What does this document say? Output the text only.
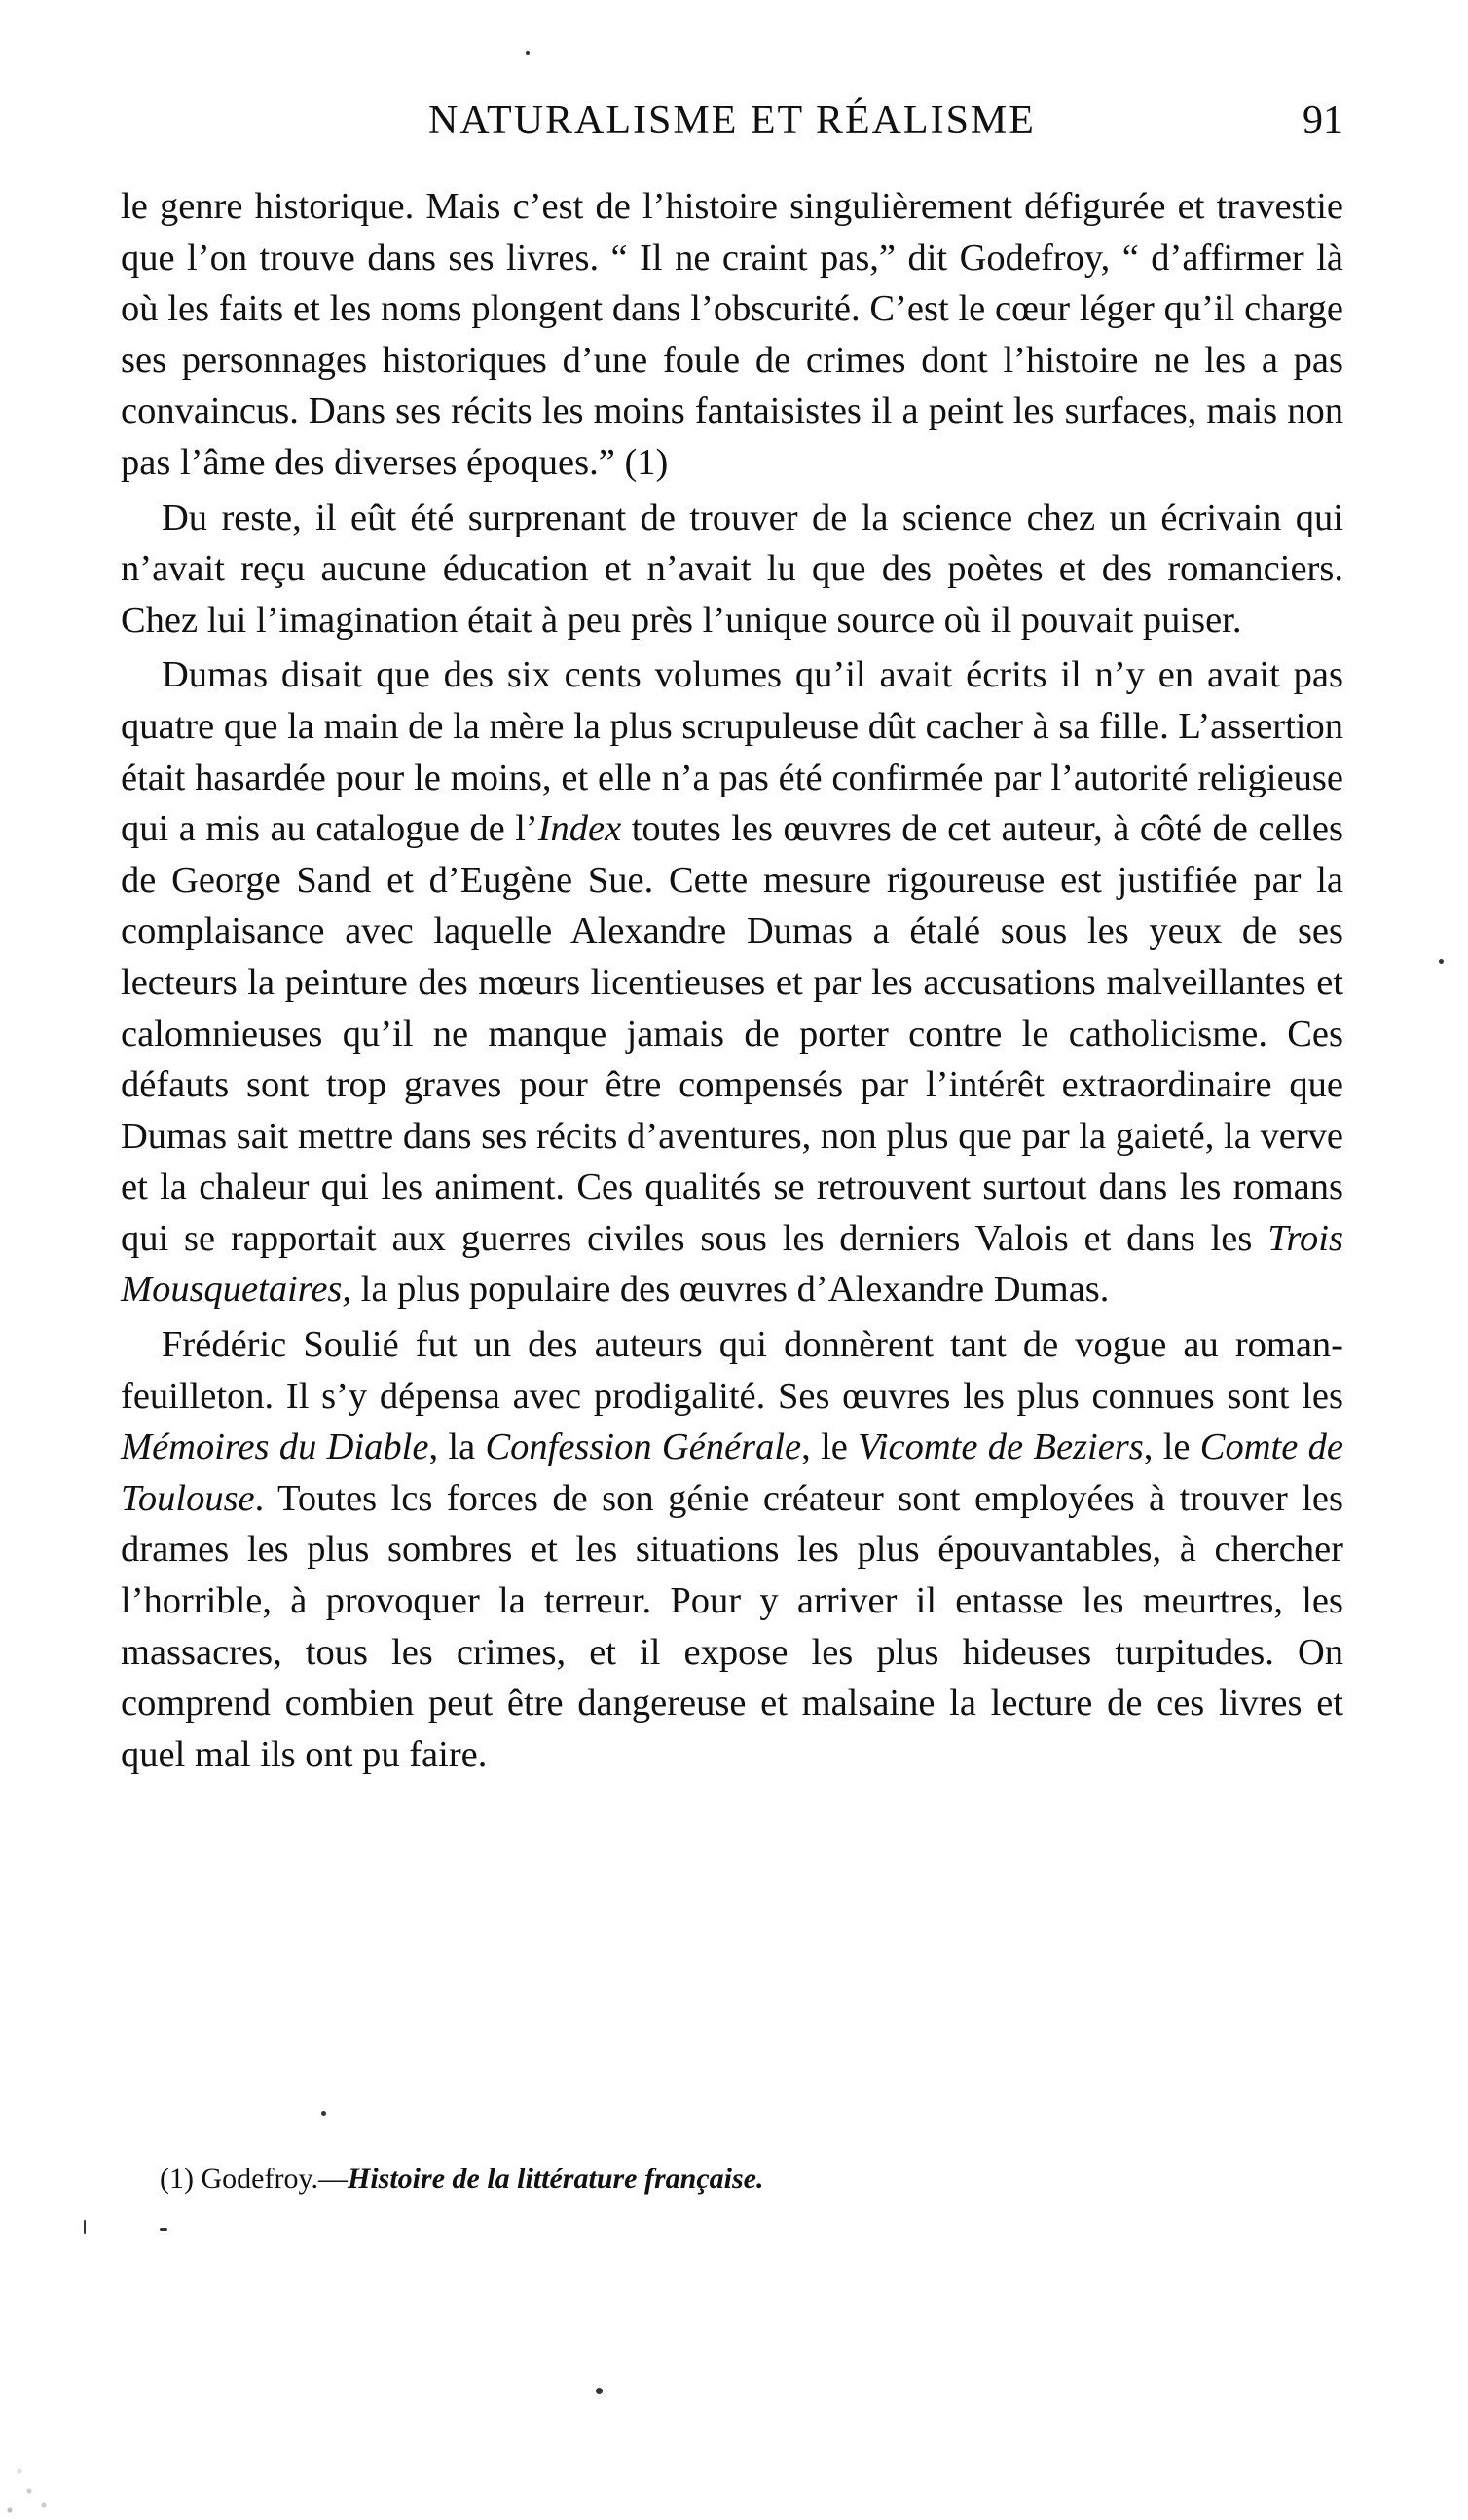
NATURALISME ET RÉALISME	91

le genre historique. Mais c’est de l’histoire singulièrement défigurée et travestie que l’on trouve dans ses livres. “ Il ne craint pas,” dit Godefroy, “ d’affirmer là où les faits et les noms plongent dans l’obscurité. C’est le cœur léger qu’il charge ses personnages historiques d’une foule de crimes dont l’histoire ne les a pas convaincus. Dans ses récits les moins fantaisistes il a peint les surfaces, mais non pas l’âme des diverses époques.” (1)

Du reste, il eût été surprenant de trouver de la science chez un écrivain qui n’avait reçu aucune éducation et n’avait lu que des poètes et des romanciers. Chez lui l’imagination était à peu près l’unique source où il pouvait puiser.

Dumas disait que des six cents volumes qu’il avait écrits il n’y en avait pas quatre que la main de la mère la plus scrupuleuse dût cacher à sa fille. L’assertion était hasardée pour le moins, et elle n’a pas été confirmée par l’autorité religieuse qui a mis au catalogue de l’Index toutes les œuvres de cet auteur, à côté de celles de George Sand et d’Eugène Sue. Cette mesure rigoureuse est justifiée par la complaisance avec laquelle Alexandre Dumas a étalé sous les yeux de ses lecteurs la peinture des mœurs licentieuses et par les accusations malveillantes et calomnieuses qu’il ne manque jamais de porter contre le catholicisme. Ces défauts sont trop graves pour être compensés par l’intérêt extraordinaire que Dumas sait mettre dans ses récits d’aventures, non plus que par la gaieté, la verve et la chaleur qui les animent. Ces qualités se retrouvent surtout dans les romans qui se rapportait aux guerres civiles sous les derniers Valois et dans les Trois Mousquetaires, la plus populaire des œuvres d’Alexandre Dumas.

Frédéric Soulié fut un des auteurs qui donnèrent tant de vogue au roman-feuilleton. Il s’y dépensa avec prodigalité. Ses œuvres les plus connues sont les Mémoires du Diable, la Confession Générale, le Vicomte de Beziers, le Comte de Toulouse. Toutes lcs forces de son génie créateur sont employées à trouver les drames les plus sombres et les situations les plus épouvantables, à chercher l’horrible, à provoquer la terreur. Pour y arriver il entasse les meurtres, les massacres, tous les crimes, et il expose les plus hideuses turpitudes. On comprend combien peut être dangereuse et malsaine la lecture de ces livres et quel mal ils ont pu faire.

(1) Godefroy.—Histoire de la littérature française.
